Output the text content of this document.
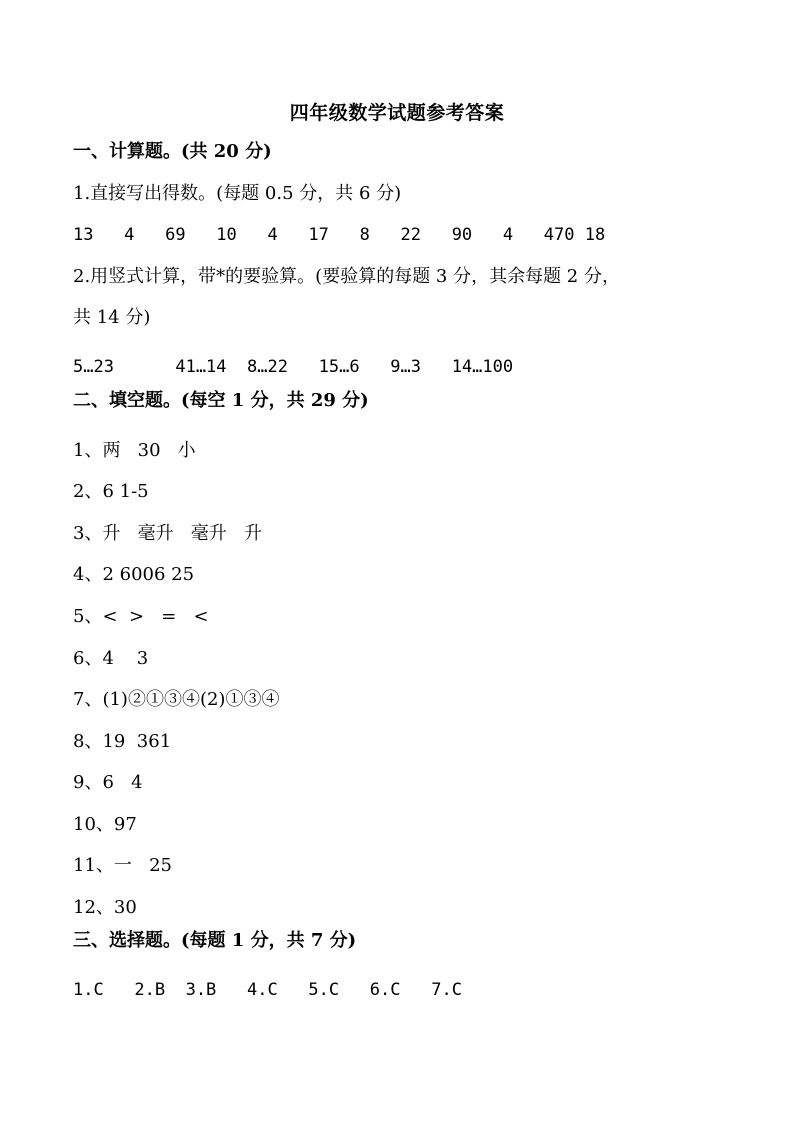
四年级数学试题参考答案
一、计算题。(共 20 分)
1.直接写出得数。(每题 0.5 分，共 6 分)
13   4   69   10   4   17   8   22   90   4   470 18
2.用竖式计算，带*的要验算。(要验算的每题 3 分，其余每题 2 分，
共 14 分)
5…23      41…14  8…22   15…6   9…3   14…100
二、填空题。(每空 1 分，共 29 分)
1、两   30   小
2、6 1-5
3、升   毫升   毫升   升
4、2 6006 25
5、<  >   =   <
6、4    3
7、(1)②①③④(2)①③④
8、19  361
9、6   4
10、97
11、一   25
12、30
三、选择题。(每题 1 分，共 7 分)
1.C   2.B  3.B   4.C   5.C   6.C   7.C
